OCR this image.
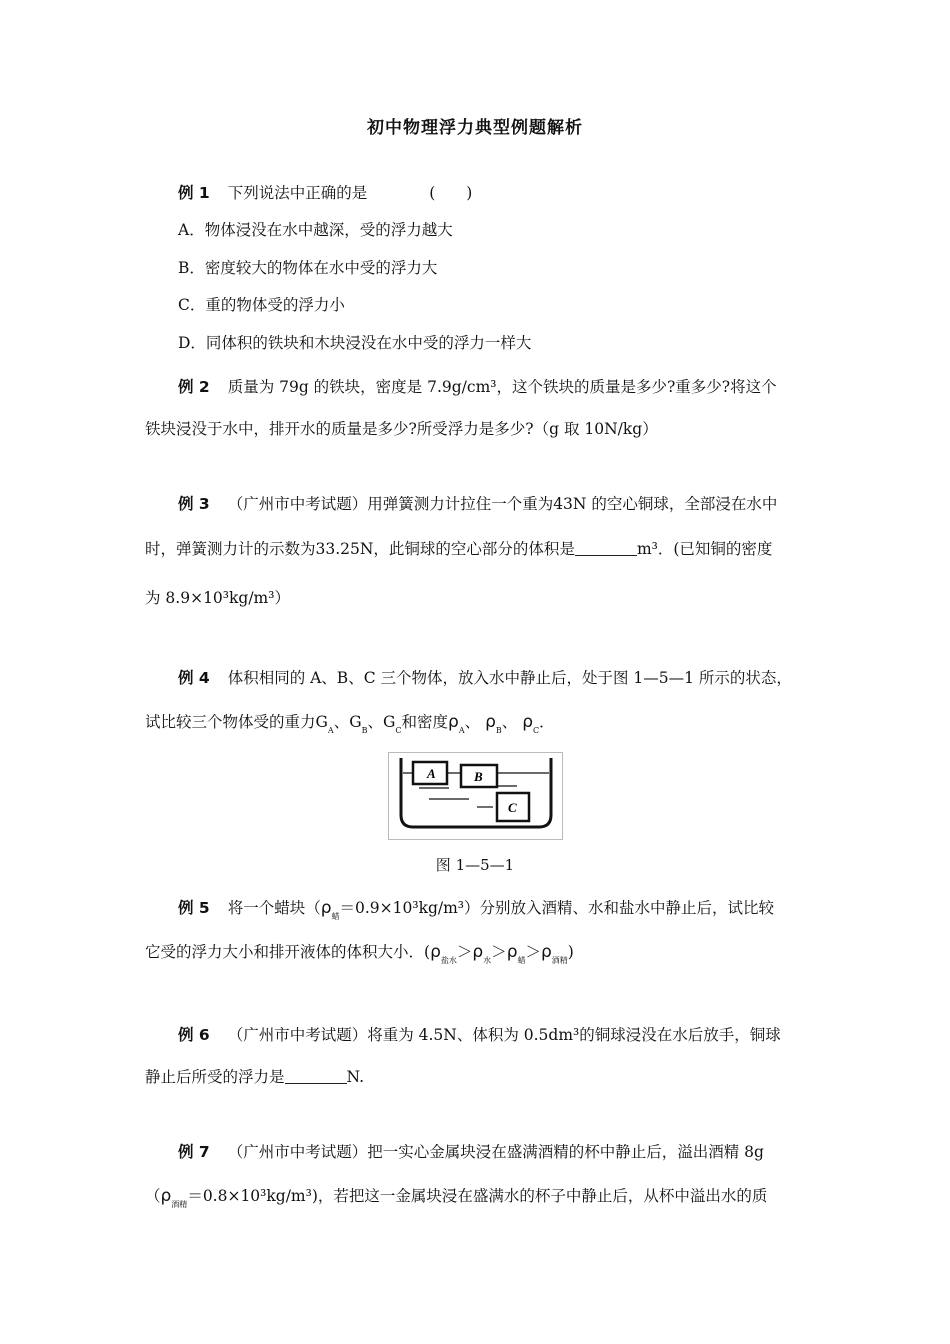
初中物理浮力典型例题解析
例 1 下列说法中正确的是	(　　)
A．物体浸没在水中越深，受的浮力越大
B．密度较大的物体在水中受的浮力大
C．重的物体受的浮力小
D．同体积的铁块和木块浸没在水中受的浮力一样大
例 2 质量为 79g 的铁块，密度是 7.9g/cm³，这个铁块的质量是多少?重多少?将这个
铁块浸没于水中，排开水的质量是多少?所受浮力是多少?（g 取 10N/kg）
例 3 （广州市中考试题）用弹簧测力计拉住一个重为43N 的空心铜球，全部浸在水中
时，弹簧测力计的示数为33.25N，此铜球的空心部分的体积是	m³．(已知铜的密度
为 8.9×10³kg/m³）
例 4 体积相同的 A、B、C 三个物体，放入水中静止后，处于图 1—5—1 所示的状态，
试比较三个物体受的重力$G_A$、$G_B$、$G_C$和密度$\rho_A$、 $\rho_B$、 $\rho_C$．
A	B
C
图 1—5—1
例 5 将一个蜡块$(\rho_蜡=0.9\times 10^3kg/m^3)$分别放入酒精、水和盐水中静止后，试比较
它受的浮力大小和排开液体的体积大小．$(\rho_{盐水}>\rho_水>\rho_蜡>\rho_{酒精})$
例 6 （广州市中考试题）将重为 4.5N、体积为 0.5dm³的铜球浸没在水后放手，铜球
静止后所受的浮力是	N.
例 7 （广州市中考试题）把一实心金属块浸在盛满酒精的杯中静止后，溢出酒精 8g
$(\rho_{酒精}=0.8\times 10^3kg/m^3)$，若把这一金属块浸在盛满水的杯子中静止后，从杯中溢出水的质
